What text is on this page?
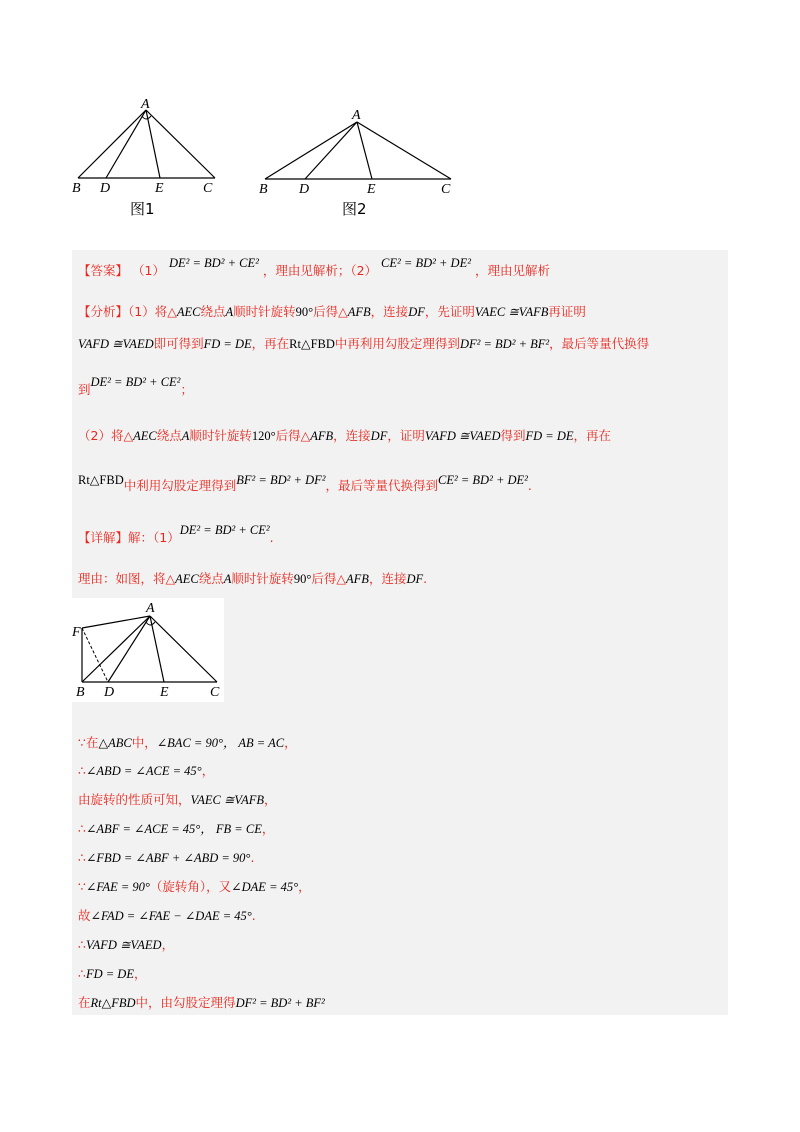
A
B D	E	C
图1
A
B D	E	C
图2
【答案】 （1） DE² = BD² + CE² ，理由见解析；（2） CE² = BD² + DE² ，理由见解析
【分析】（1）将△AEC绕点A顺时针旋转90°后得△AFB，连接DF，先证明VAEC ≅VAFB再证明
VAFD ≅VAED即可得到FD = DE，再在Rt△FBD中再利用勾股定理得到DF² = BD² + BF²，最后等量代换得
到DE² = BD² + CE²；
（2）将△AEC绕点A顺时针旋转120°后得△AFB，连接DF，证明VAFD ≅VAED得到FD = DE，再在
Rt△FBD中利用勾股定理得到BF² = BD² + DF²，最后等量代换得到CE² = BD² + DE².
【详解】解：（1）DE² = BD² + CE².
理由：如图，将△AEC绕点A顺时针旋转90°后得△AFB，连接DF.
A
F
B D	E	C
∵在△ABC中，∠BAC = 90°， AB = AC，
∴∠ABD = ∠ACE = 45°，
由旋转的性质可知，VAEC ≅VAFB，
∴∠ABF = ∠ACE = 45°， FB = CE，
∴∠FBD = ∠ABF + ∠ABD = 90°.
∵∠FAE = 90°（旋转角），又∠DAE = 45°，
故∠FAD = ∠FAE − ∠DAE = 45°.
∴VAFD ≅VAED，
∴FD = DE，
在Rt△FBD中，由勾股定理得DF² = BD² + BF²
